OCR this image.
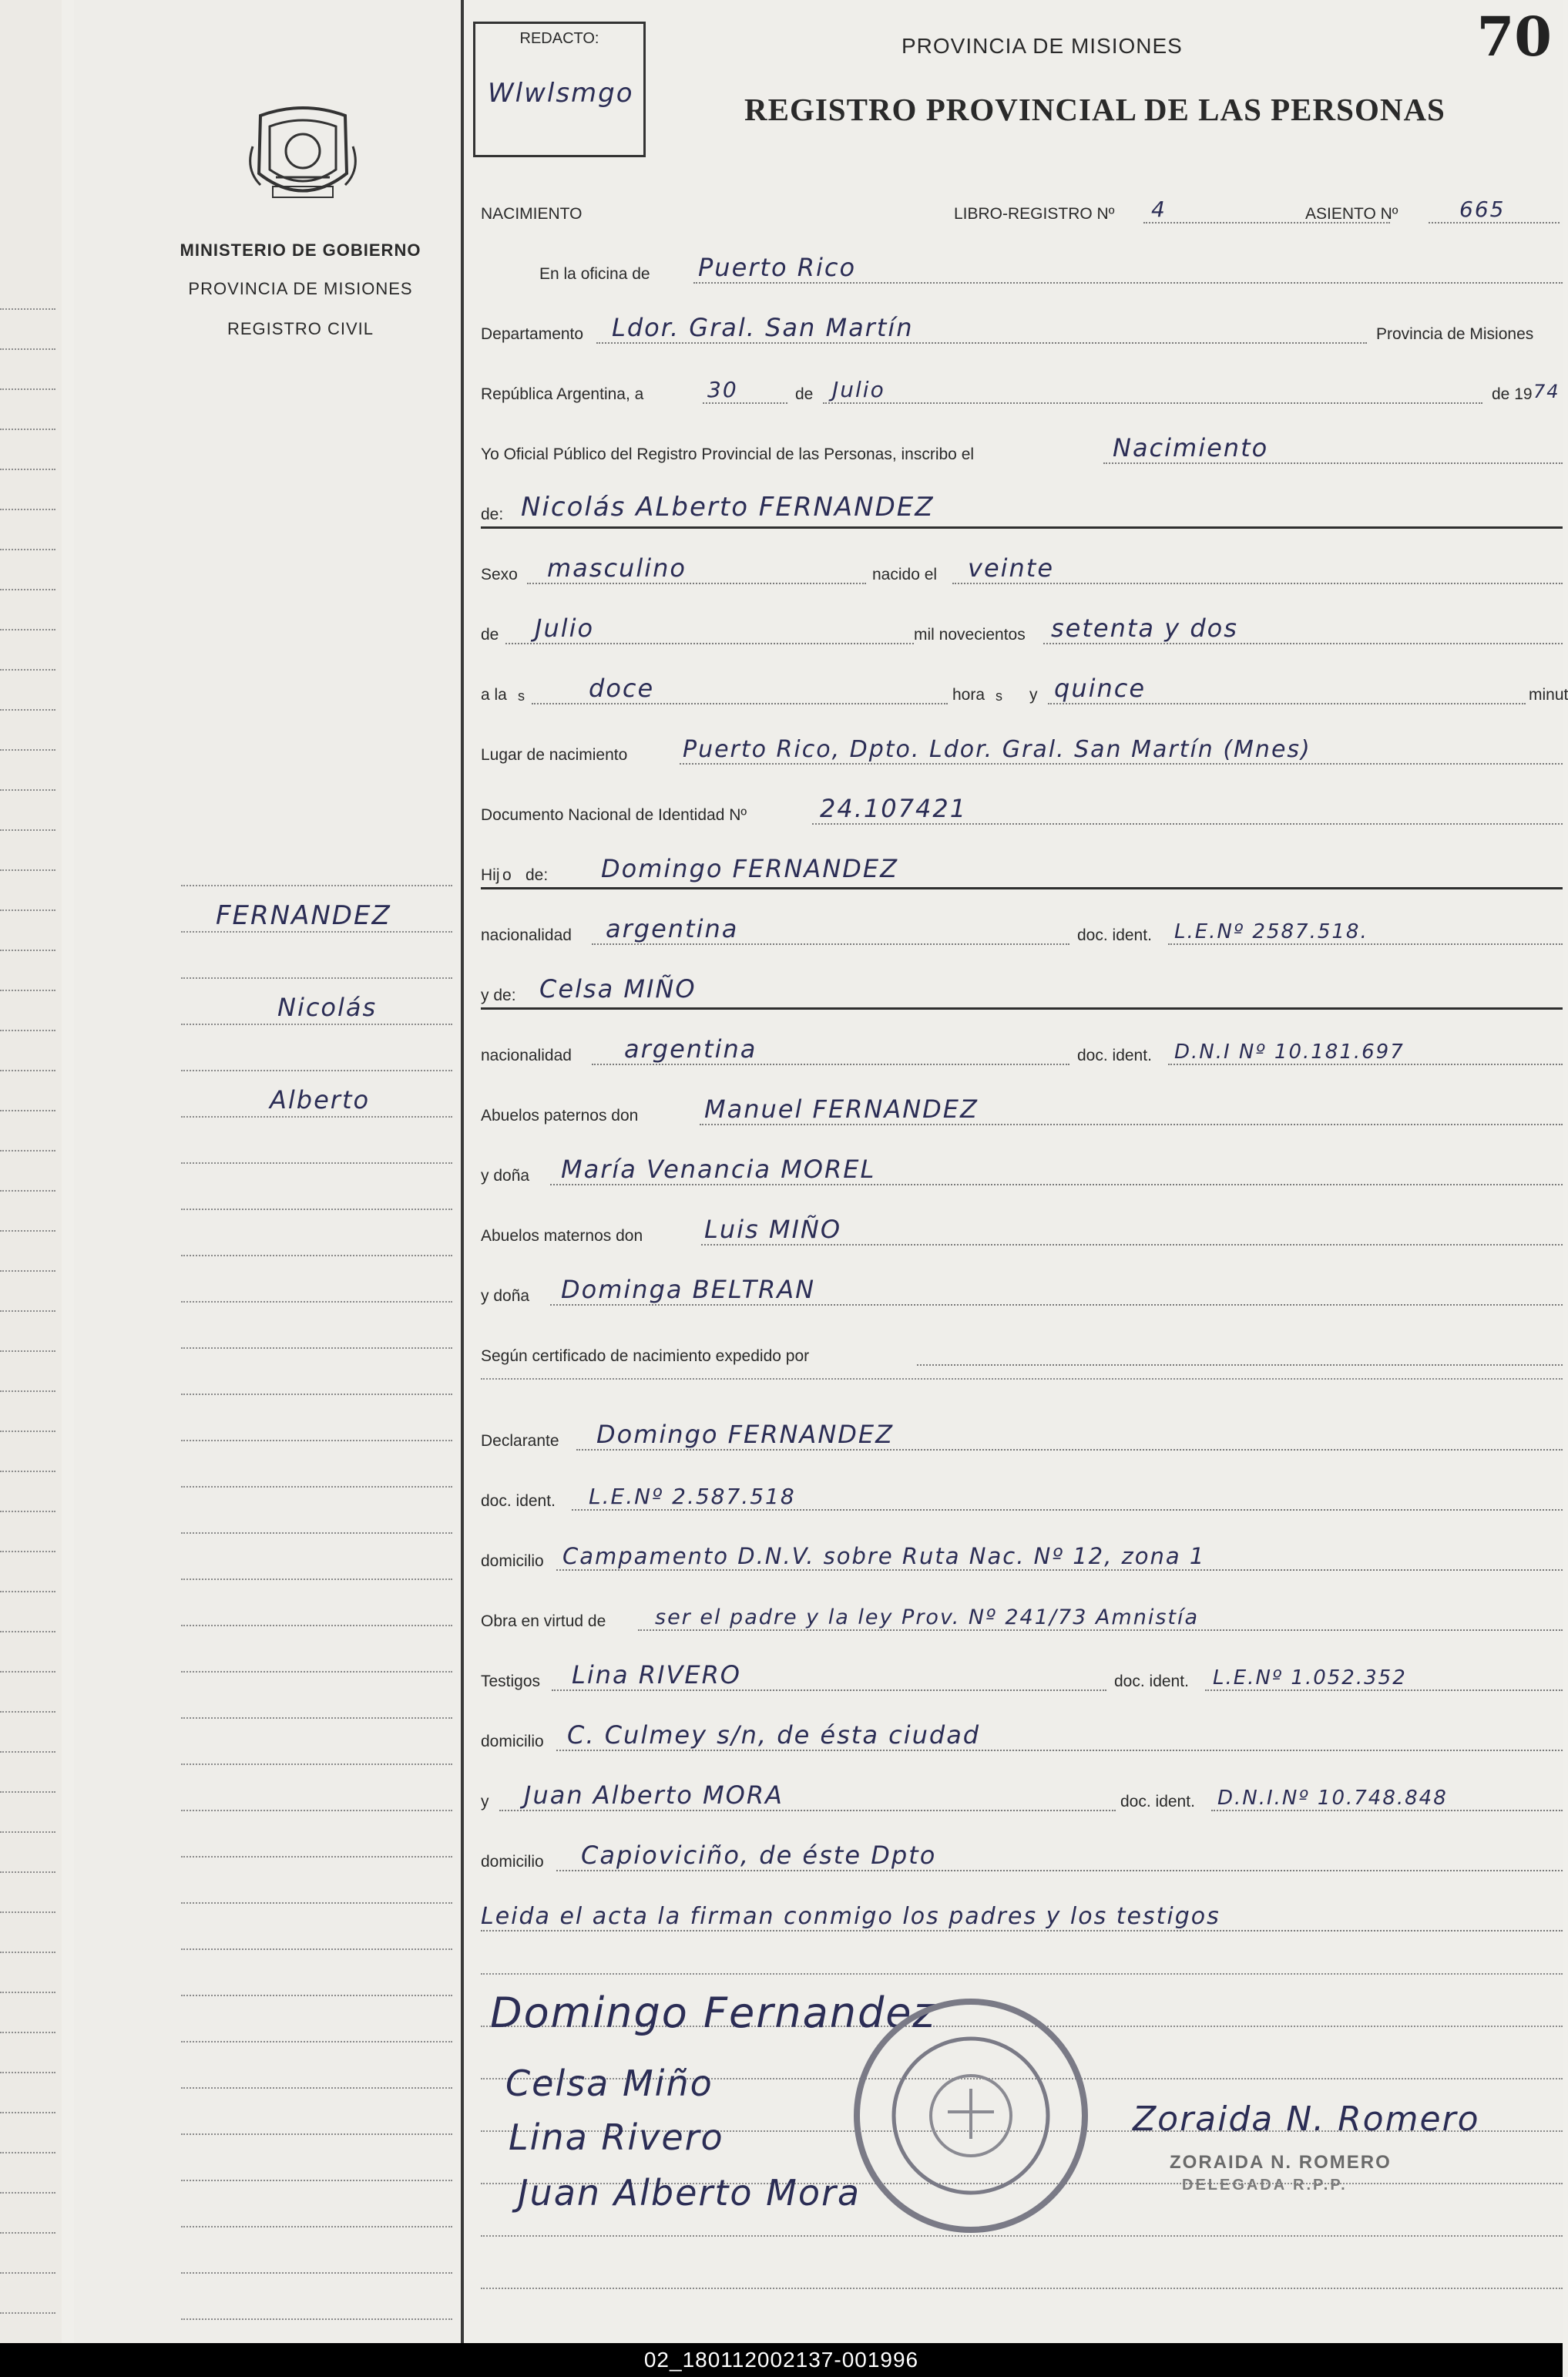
MINISTERIO DE GOBIERNO
PROVINCIA DE MISIONES
REGISTRO CIVIL
FERNANDEZ
Nicolás
Alberto
REDACTO:
Wlwlsmgo
70
PROVINCIA DE MISIONES
REGISTRO PROVINCIAL DE LAS PERSONAS
NACIMIENTO	LIBRO-REGISTRO Nº 4	ASIENTO Nº	665
En la oficina de Puerto Rico
Departamento Ldor. Gral. San Martín	Provincia de Misiones
República Argentina, a	30	de Julio	de 19 74
Yo Oficial Público del Registro Provincial de las Personas, inscribo el	Nacimiento
de: Nicolás ALberto FERNANDEZ
Sexo masculino	nacido el veinte
de Julio	mil novecientos setenta y dos
a la s	doce	hora s y quince	minut
Lugar de nacimiento Puerto Rico, Dpto. Ldor. Gral. San Martín (Mnes)
Documento Nacional de Identidad Nº	24.107421
Hij o de: Domingo FERNANDEZ
nacionalidad argentina	doc. ident. L.E.Nº 2587.518.
y de: Celsa MIÑO
nacionalidad argentina	doc. ident. D.N.I Nº 10.181.697
Abuelos paternos don	Manuel FERNANDEZ
y doña María Venancia MOREL
Abuelos maternos don Luis MIÑO
y doña Dominga BELTRAN
Según certificado de nacimiento expedido por
Declarante Domingo FERNANDEZ
doc. ident. L.E.Nº 2.587.518
domicilio Campamento D.N.V. sobre Ruta Nac. Nº 12, zona 1
Obra en virtud de ser el padre y la ley Prov. Nº 241/73 Amnistía
Testigos Lina RIVERO	doc. ident. L.E.Nº 1.052.352
domicilio C. Culmey s/n, de ésta ciudad
y Juan Alberto MORA	doc. ident. D.N.I.Nº 10.748.848
domicilio Capioviciño, de éste Dpto
Leida el acta la firman conmigo los padres y los testigos
Domingo Fernandez
Celsa Miño
Lina Rivero
Juan Alberto Mora
Zoraida N. Romero
ZORAIDA N. ROMERO
DELEGADA R.P.P.
02_180112002137-001996
